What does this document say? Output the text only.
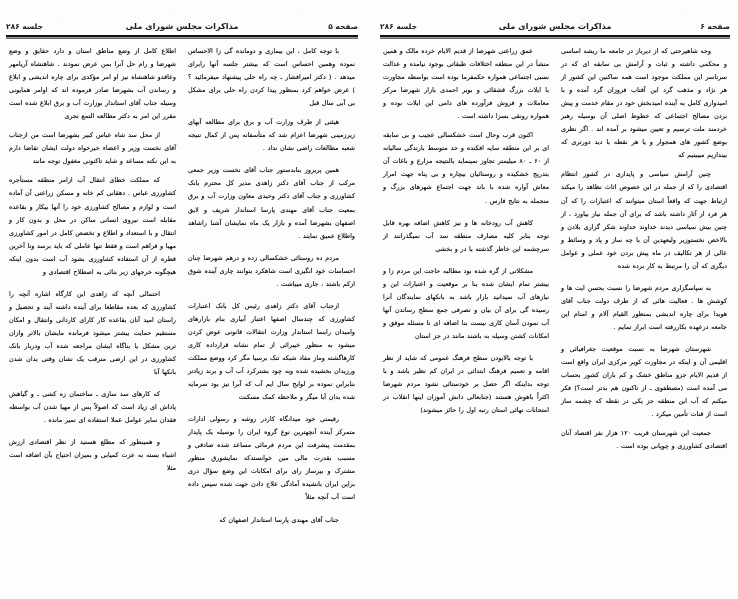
صفحه ۶
مذاکرات مجلس شورای ملی
جلسه ۲۸۶

وجه شاهپرحتی که از دیرباز در جامعه ما ریشه اساسی و محکمی داشته و ثبات و آرامش بی سابقه ای که در سرتاسر این مملکت موجود است همه ساکنین این کشور از هر نژاد و مذهب گرد این آفتاب فروزان گرد آمده و با امیدواری کامل به آینده امیدبخش خود در مقام خدمت و پیش بردن مصالح اجتماعی که خطوط اصلی آن بوسیله رهبر خردمند ملت ترسیم و تعیین میشود بر آمده اند . اگر نظری بوضع کشور های همجوار و یا هر نقطه با دید دورتری که بیندازیم میبینیم که

چنین آرامش سیاسی و پایداری در کشور انتظام اقتصادی را که از جمله در این خصوص اثاث نظاهد را میکند ارتباط جهت که واقعاً استان میتوانند که اعتبارات را که آن هر فرد از آثار داشته باشد که برای آن جمله نیاز بیاورد ، از چنین بیش سیاسی دیدند خداوند خداوند شکر گزاری بلادن و بالاخص نخستوزیر ولیعهدین آن با چه ساز و پاد و وسائط و عالی از هر تکالیف در ماه پیش بردن خود عملی و عوامل دیگری که آن را مرتبط به کار برده شده

به سپاسگزاری مردم شهرضا را نسبت بحسن ایت ها و کوشش ها . فعالیت هائی که از طرف دولت جناب آقای هویدا برای چاره اندیشی بمنظور القیام آلام و امنام این جامعه درعهده بکاررفته است ابراز تمایم .

شهرستان شهرضا به نسبت موقعیت جغرافیائی و اقلیمی آن و اینکه در مجاورت کویر مرکزی ایران واقع است از قدیم الایام جزو مناطق خشک و کم باران کشور بحساب می آمده است (مصطفوی ـ از تاکنون هم بدتر است؟) فکر میکنم که آب این منطقه جز یکی در نقطه که چشمه ساز است از قنات تأمین میکرد .

جمعیت این شهرستان قریب ۱۲۰ هزار نفر اقتصاد آنان اقتصادی کشاورزی و چوپانی بوده است .

عمق زراعتی شهرضا از قدیم الایام خرده مالک و همین منشأ در این منطقه اختلافات طبقاتی بوجود نیامده و عدالت نسبی اجتماعی همواره حکمفرما بوده است بواسطه مجاورت با ایلات بزرگ قشقائی و بویر احمدی بازار شهرضا مرکز معاملات و فروش فرآورده های دامی این ایلات بوده و همواره رونقی بسزا داشته است .

اکنون قرب وحال است خشکسالی عجیب و بی سابقه ای بر این منطقه سایه افکنده و حد متوسط بارندگی سالیانه از ۶۰ ـ ۸۰ میلیمتر تجاوز نمینماید بالنتیجه مزارع و باغات آن بتدریج خشکیده و روستائیان بیچاره و بی پناه جهت امرار معاش آواره شده با باند جهت اجتماع شهرهای بزرگ و منجمله به نتایج فارس .

کاهش آب رودخانه ها و نیز کاهش اضافه بهره قابل توجه بنابر کلیه مصارف منطقه سد آب نمیگذرانند از سرچشمه این خاطر گذشته یا در و بخشی

مشکلاتی از گره شده بود مطالبه حاجت این مردم زا و بیشتر تمام ایشان شده بنا بر موقعیت و اعتبارات این و نیازهای آب نمیدانید بازار باشد به بانکهای نمایندگان آنرا رسیده گی برای آن بیان و تصرفی جمع سطح رساندن آنها آب نمودن آسان کاری نیست بنا اضافه ای تا مسئله موفق و امکانات کشتن وسیله به باشند مانند در جز استان

با توجه بالابودن سطح فرهنگ عمومی که شاید از نظر اقامه و تعمیم فرهنگ ابتدائی در ایران کم نظیر باشد و با توجه بداینکه اگر حصل بر خودستائی نشود مردم شهرضا اکثراً باهوش هستند (جنابعالی دانش آموزان اینها انقلاب در امتحانات نهائی استان رتبه اول را حائز میشوند)

صفحه ۵
مذاکرات مجلس شورای ملی
جلسه ۲۸۶

با توجه کامل ، این بیماری و دومانده گی زا الاحساس نموده وهمین احساس است که بیشتر جلسه آنها رابرای میدهد . ( دکتر امیرافشار ـ چه راه حلی پیشنهاد میفرمائید ؟ ) عرض خواهم کرد بمنظور پیدا کردن راه حلی برای مشکل بی آبی سال قبل

هیئتی از طرف وزارت آب و برق برای مطالعه آبهای زیرزمینی شهرضا اعزام شد که متأسفانه پس از کمال نتیجه شعبه مطالعات راضی نشان نداد .

همین پریروز بنابدستور جناب آقای نخست وزیر جمعی مرکب از جناب آقای دکتر زاهدی مدیر کل محترم بانک کشاورزی و جناب آقای دکتر وحیدی معاون وزارت آب و برق بمعیت جناب آقای مهندی پارسا استاندار شریف و لایق اصفهان بشهرضا آمده و بازار یک ماه نمایشان آشنا راشاهد واطلاع عمیق نمایند .

مردم ده روستائی خشکسالی زده و درهم شهرضا چنان احساسات خود انگیزی است شاهکرد بتوانند چاری آینده شوق ازکم باشتد ، جاری میباشت .

ازجناب آقای دکتر زاهدی رئیس کل بانک اعتبارات کشاورزی که چندسال اصفها اعتبار آبیاری بنام بازارهای وامیدان رابنما استاندار وزارت انتقالات قانونی عوض کردن میشود به منظور خیبرائی از تمام نشانه قرارداده کاری کارهاگشته وماز مفاد شبکه تنک برسیا مگر کرد ووضع مملکت ورزیدان بخشیده شده وبه چود بشترکرد آب آب و برند زیادتر بنابراین نموده بر لوایح سال ایم آب که آبرا نیز بود سرمایه شده بدان آبا میگر و ملاحظه کمک مسکنت

رقیمتی خود میدانگاه کاردر روشه و رسولی ادارات متمرکز آینده آنچهترین نوع گروه ایران را بوسیله یک پایدار بمقدمت پیشرفت این مردم فرمائی مساعد شده صادقی و مسبب بقدرت مالی مین خوانستدکه نمایشورق منظور مشترک و بیرساز رای برای امکانات این وضع سؤال دری براین ایران بانشیده آمادگی علاج دادن جهت شده سپس داده است آب آنچه مثلاً

جناب آقای مهندی پارسا استاندار اصفهان که

اطلاع کامل از وضع مناطق استان و دارد حقایق و وضع شهرضا و رام حل آنرا بمن عرض نمودند . شاهنشاه آریامهر وعاقدو شاهنشاه نیز او امر مؤکدی برای چاره اندیشی و ابلاغ و رساندن آب بشهرضا صادر فرموده اند که اوامر همایونی وسیله جناب آقای استاندار بوزارت آب و برق ابلاغ شده است مقرر این امر به دکتر مطالعه التمع نجری

از محل سد شاه عباس کبیر بشهرضا است من ازجناب آقای نخست وزیر و اعضاء خیرخواه دولت ایشان تقاضا دارم به این نکته مساعد و شاید تاکنونی مغفول توجه مانند

که مملکت خطای انتقال آب ازامر منطقه مستأجره کشاورزی عباس . دهقانی کم خانه و مسکن زراعتی آن آماده است و لوازم و مصالح کشاورزی خود را آنها بیکار و بقاعده مقابله است نیروی انسانی ساکن در محل و بدون کار و انتقال و با استعداد و اطلاع و تخصص کامل در امور کشاورزی مهیا و فراهم است و فقط تنها عاملی که باید برسد وتا آخرین قطره از آن استفاده کشاورزی بشود آب است بدون اینکه هیچگونه خرجهای زیر بنائی به اصطلاح اقتصادی و

احتمالی آنچه که زاهدی این کارگاه اشاره آنچه را کشاورزی که بعده مقاطعا برای آینده داشته آیند و تحصیل و راستان امید آنان بقاعده کار کارای کاردانی وانتقال و امکان مستقیم حمایت بیشتر میشود فرمانده مایشان بالاتر وازان ترین مشکل یا بناگاه ایشان مراجعه شده آب ودربار بانک کشاورزی در این ارضی مترقب یک نشان وقتی بدان شدن بانکها آبا

که کارهای سد سازی ـ ساختمان زه کشی ـ و گیاهش پاداش ای زیاد است که اصولاً پس از مهیا شدن آب بواسطه فقدان سایر عوامل عملا استفاده ای نمیر مانده .

و همینطور که مطلع هستید از نظر اقتصادی ارزش اشیاء بسته به عزت کمیابی و بمیزان احتیاج بآن اضافه است مثلا
